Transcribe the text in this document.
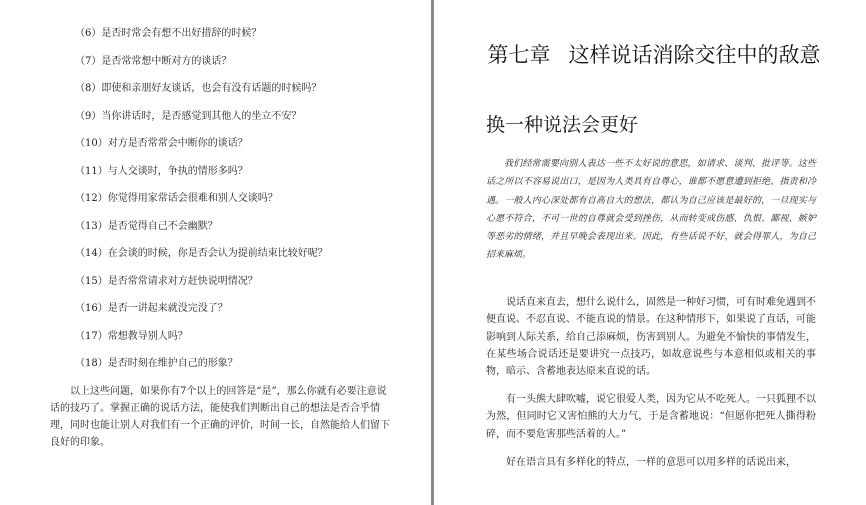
（6）是否时常会有想不出好措辞的时候？
（7）是否常常想中断对方的谈话？
（8）即使和亲朋好友谈话，也会有没有话题的时候吗？
（9）当你讲话时，是否感觉到其他人的坐立不安？
（10）对方是否常常会中断你的谈话？
（11）与人交谈时，争执的情形多吗？
（12）你觉得用家常话会很难和别人交谈吗？
（13）是否觉得自己不会幽默？
（14）在会谈的时候，你是否会认为提前结束比较好呢？
（15）是否常常请求对方赶快说明情况？
（16）是否一讲起来就没完没了？
（17）常想教导别人吗？
（18）是否时刻在维护自己的形象？

以上这些问题，如果你有7个以上的回答是“是”，那么你就有必要注意说话的技巧了。掌握正确的说话方法，能使我们判断出自己的想法是否合乎情理，同时也能让别人对我们有一个正确的评价，时间一长，自然能给人们留下良好的印象。

第七章 这样说话消除交往中的敌意
换一种说法会更好

我们经常需要向别人表达一些不太好说的意思，如请求、谈判、批评等。这些话之所以不容易说出口，是因为人类具有自尊心，谁都不愿意遭到拒绝、指责和冷遇。一般人内心深处都有自高自大的想法，都认为自己应该是最好的，一旦现实与心愿不符合，不可一世的自尊就会受到挫伤，从而转变成伤感、仇恨、鄙视、嫉妒等恶劣的情绪，并且早晚会表现出来。因此，有些话说不好，就会得罪人，为自己招来麻烦。

说话直来直去，想什么说什么，固然是一种好习惯，可有时难免遇到不便直说、不忍直说、不能直说的情景。在这种情形下，如果说了直话，可能影响到人际关系，给自己添麻烦，伤害到别人。为避免不愉快的事情发生，在某些场合说话还是要讲究一点技巧，如故意说些与本意相似或相关的事物，暗示、含蓄地表达原来直说的话。

有一头熊大肆吹嘘，说它很爱人类，因为它从不吃死人。一只狐狸不以为然，但同时它又害怕熊的大力气，于是含蓄地说：“但愿你把死人撕得粉碎，而不要危害那些活着的人。”

好在语言具有多样化的特点，一样的意思可以用多样的话说出来，
